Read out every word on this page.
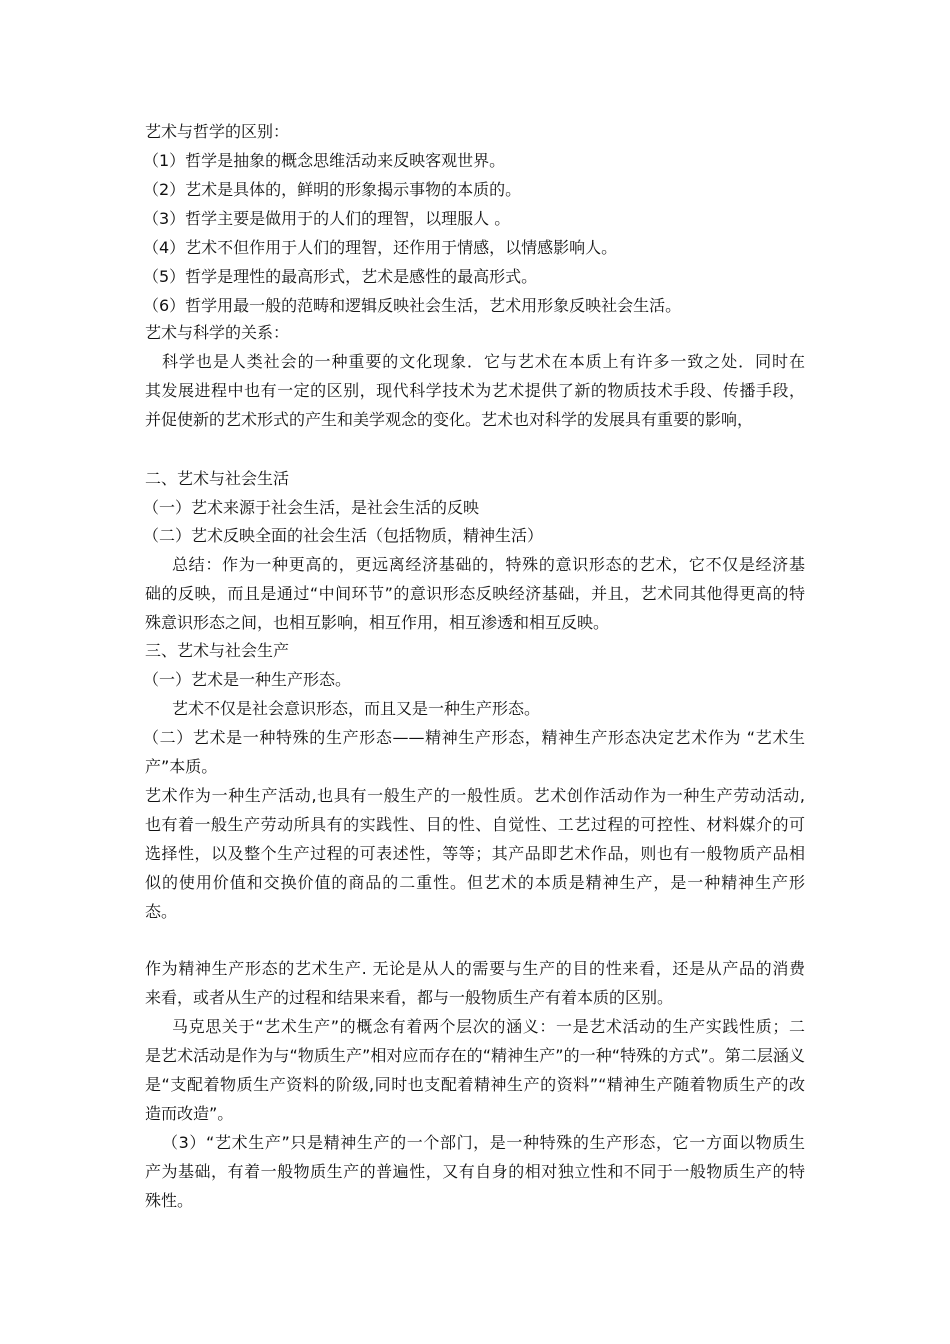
艺术与哲学的区别：

（1）哲学是抽象的概念思维活动来反映客观世界。

（2）艺术是具体的，鲜明的形象揭示事物的本质的。

（3）哲学主要是做用于的人们的理智，以理服人 。

（4）艺术不但作用于人们的理智，还作用于情感，以情感影响人。

（5）哲学是理性的最高形式，艺术是感性的最高形式。

（6）哲学用最一般的范畴和逻辑反映社会生活，艺术用形象反映社会生活。

艺术与科学的关系：

科学也是人类社会的一种重要的文化现象．它与艺术在本质上有许多一致之处．同时在

其发展进程中也有一定的区别，现代科学技术为艺术提供了新的物质技术手段、传播手段，

并促使新的艺术形式的产生和美学观念的变化。艺术也对科学的发展具有重要的影响，

二、艺术与社会生活

（一）艺术来源于社会生活，是社会生活的反映

（二）艺术反映全面的社会生活（包括物质，精神生活）

总结：作为一种更高的，更远离经济基础的，特殊的意识形态的艺术，它不仅是经济基

础的反映，而且是通过“中间环节”的意识形态反映经济基础，并且，艺术同其他得更高的特

殊意识形态之间，也相互影响，相互作用，相互渗透和相互反映。

三、艺术与社会生产

（一）艺术是一种生产形态。

艺术不仅是社会意识形态，而且又是一种生产形态。

（二）艺术是一种特殊的生产形态——精神生产形态，精神生产形态决定艺术作为 “艺术生

产”本质。

艺术作为一种生产活动,也具有一般生产的一般性质。艺术创作活动作为一种生产劳动活动,

也有着一般生产劳动所具有的实践性、目的性、自觉性、工艺过程的可控性、材料媒介的可

选择性，以及整个生产过程的可表述性，等等；其产品即艺术作品，则也有一般物质产品相

似的使用价值和交换价值的商品的二重性。但艺术的本质是精神生产，是一种精神生产形

态。

作为精神生产形态的艺术生产. 无论是从人的需要与生产的目的性来看，还是从产品的消费

来看，或者从生产的过程和结果来看，都与一般物质生产有着本质的区别。

马克思关于“艺术生产”的概念有着两个层次的涵义：一是艺术活动的生产实践性质；二

是艺术活动是作为与“物质生产”相对应而存在的“精神生产”的一种“特殊的方式”。第二层涵义

是“支配着物质生产资料的阶级,同时也支配着精神生产的资料”“精神生产随着物质生产的改

造而改造”。

（3）“艺术生产”只是精神生产的一个部门，是一种特殊的生产形态，它一方面以物质生

产为基础，有着一般物质生产的普遍性，又有自身的相对独立性和不同于一般物质生产的特

殊性。
